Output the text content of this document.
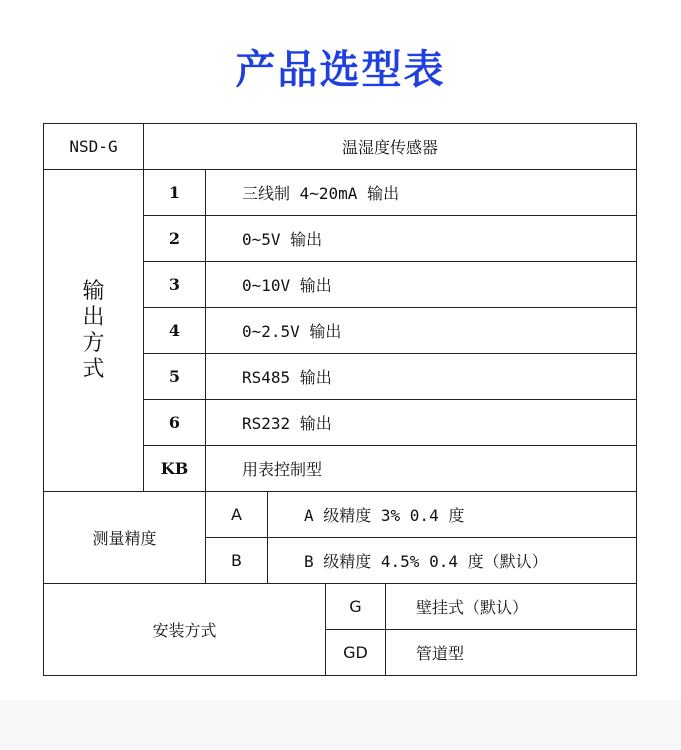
产品选型表
NSD-G	温湿度传感器				
输出方式	1	三线制 4~20mA 输出			
	2	0~5V 输出			
	3	0~10V 输出			
	4	0~2.5V 输出			
	5	RS485 输出			
	6	RS232 输出			
	KB	用表控制型			
测量精度		A	A 级精度 3% 0.4 度		
		B	B 级精度 4.5% 0.4 度（默认）		
安装方式				G	壁挂式（默认）
				GD	管道型
